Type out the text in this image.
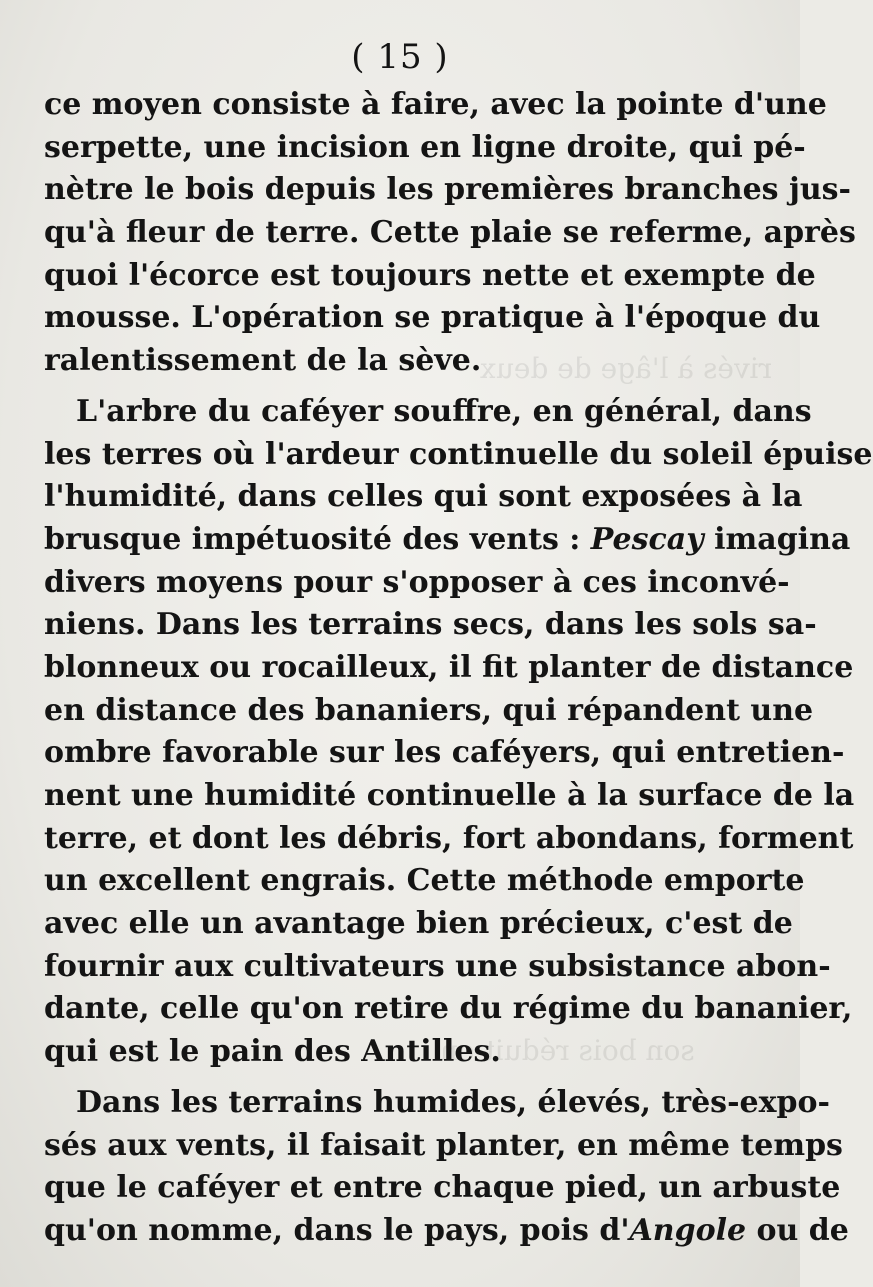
rivés à l'âge de deux
son bois réduit en
( 15 )
ce moyen consiste à faire, avec la pointe d'une
serpette, une incision en ligne droite, qui pé-
nètre le bois depuis les premières branches jus-
qu'à fleur de terre. Cette plaie se referme, après
quoi l'écorce est toujours nette et exempte de
mousse. L'opération se pratique à l'époque du
ralentissement de la sève.
L'arbre du caféyer souffre, en général, dans
les terres où l'ardeur continuelle du soleil épuise
l'humidité, dans celles qui sont exposées à la
brusque impétuosité des vents : Pescay imagina
divers moyens pour s'opposer à ces inconvé-
niens. Dans les terrains secs, dans les sols sa-
blonneux ou rocailleux, il fit planter de distance
en distance des bananiers, qui répandent une
ombre favorable sur les caféyers, qui entretien-
nent une humidité continuelle à la surface de la
terre, et dont les débris, fort abondans, forment
un excellent engrais. Cette méthode emporte
avec elle un avantage bien précieux, c'est de
fournir aux cultivateurs une subsistance abon-
dante, celle qu'on retire du régime du bananier,
qui est le pain des Antilles.
Dans les terrains humides, élevés, très-expo-
sés aux vents, il faisait planter, en même temps
que le caféyer et entre chaque pied, un arbuste
qu'on nomme, dans le pays, pois d'Angole ou de
